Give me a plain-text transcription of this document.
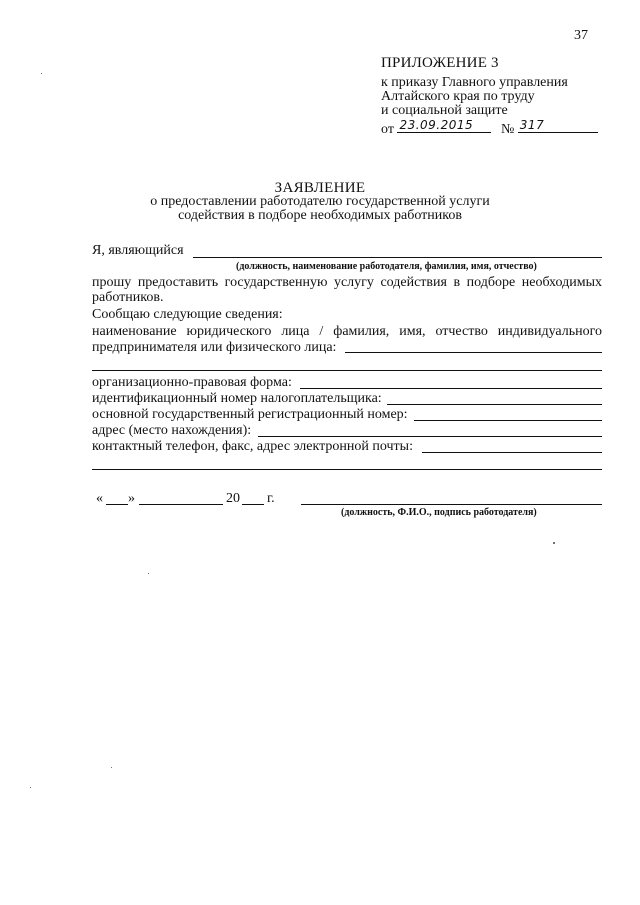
37
ПРИЛОЖЕНИЕ 3
к приказу Главного управления
Алтайского края по труду
и социальной защите
от 23.09.2015 № 317
ЗАЯВЛЕНИЕ
о предоставлении работодателю государственной услуги
содействия в подборе необходимых работников
Я, являющийся
(должность, наименование работодателя, фамилия, имя, отчество)
прошу предоставить государственную услугу содействия в подборе необходимых
работников.
Сообщаю следующие сведения:
наименование юридического лица / фамилия, имя, отчество индивидуального
предпринимателя или физического лица:
организационно-правовая форма:
идентификационный номер налогоплательщика:
основной государственный регистрационный номер:
адрес (место нахождения):
контактный телефон, факс, адрес электронной почты:
« »	20 г.
(должность, Ф.И.О., подпись работодателя)
